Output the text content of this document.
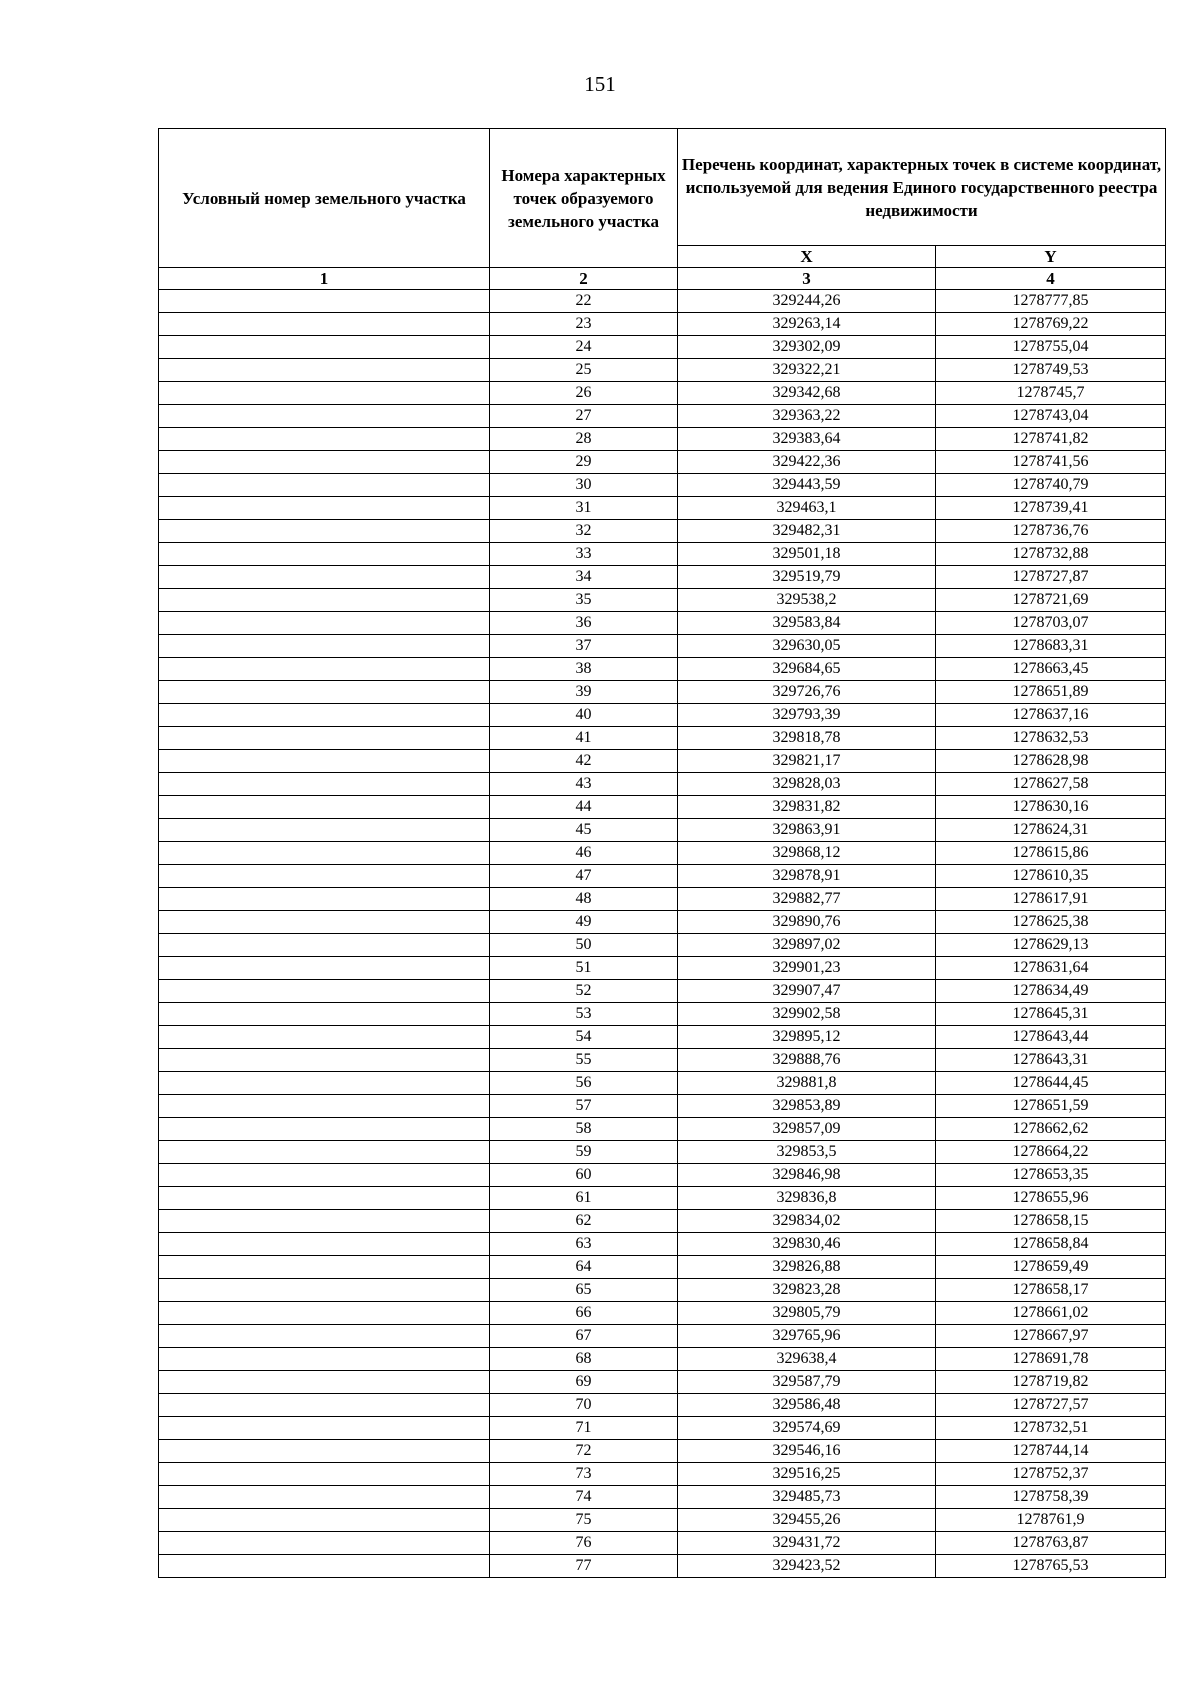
151
Условный номер земельного участка	Номера характерных точек образуемого земельного участка	Перечень координат, характерных точек в системе координат, используемой для ведения Единого государственного реестра недвижимости	
		X	Y
1	2	3	4
	22	329244,26	1278777,85
	23	329263,14	1278769,22
	24	329302,09	1278755,04
	25	329322,21	1278749,53
	26	329342,68	1278745,7
	27	329363,22	1278743,04
	28	329383,64	1278741,82
	29	329422,36	1278741,56
	30	329443,59	1278740,79
	31	329463,1	1278739,41
	32	329482,31	1278736,76
	33	329501,18	1278732,88
	34	329519,79	1278727,87
	35	329538,2	1278721,69
	36	329583,84	1278703,07
	37	329630,05	1278683,31
	38	329684,65	1278663,45
	39	329726,76	1278651,89
	40	329793,39	1278637,16
	41	329818,78	1278632,53
	42	329821,17	1278628,98
	43	329828,03	1278627,58
	44	329831,82	1278630,16
	45	329863,91	1278624,31
	46	329868,12	1278615,86
	47	329878,91	1278610,35
	48	329882,77	1278617,91
	49	329890,76	1278625,38
	50	329897,02	1278629,13
	51	329901,23	1278631,64
	52	329907,47	1278634,49
	53	329902,58	1278645,31
	54	329895,12	1278643,44
	55	329888,76	1278643,31
	56	329881,8	1278644,45
	57	329853,89	1278651,59
	58	329857,09	1278662,62
	59	329853,5	1278664,22
	60	329846,98	1278653,35
	61	329836,8	1278655,96
	62	329834,02	1278658,15
	63	329830,46	1278658,84
	64	329826,88	1278659,49
	65	329823,28	1278658,17
	66	329805,79	1278661,02
	67	329765,96	1278667,97
	68	329638,4	1278691,78
	69	329587,79	1278719,82
	70	329586,48	1278727,57
	71	329574,69	1278732,51
	72	329546,16	1278744,14
	73	329516,25	1278752,37
	74	329485,73	1278758,39
	75	329455,26	1278761,9
	76	329431,72	1278763,87
	77	329423,52	1278765,53
